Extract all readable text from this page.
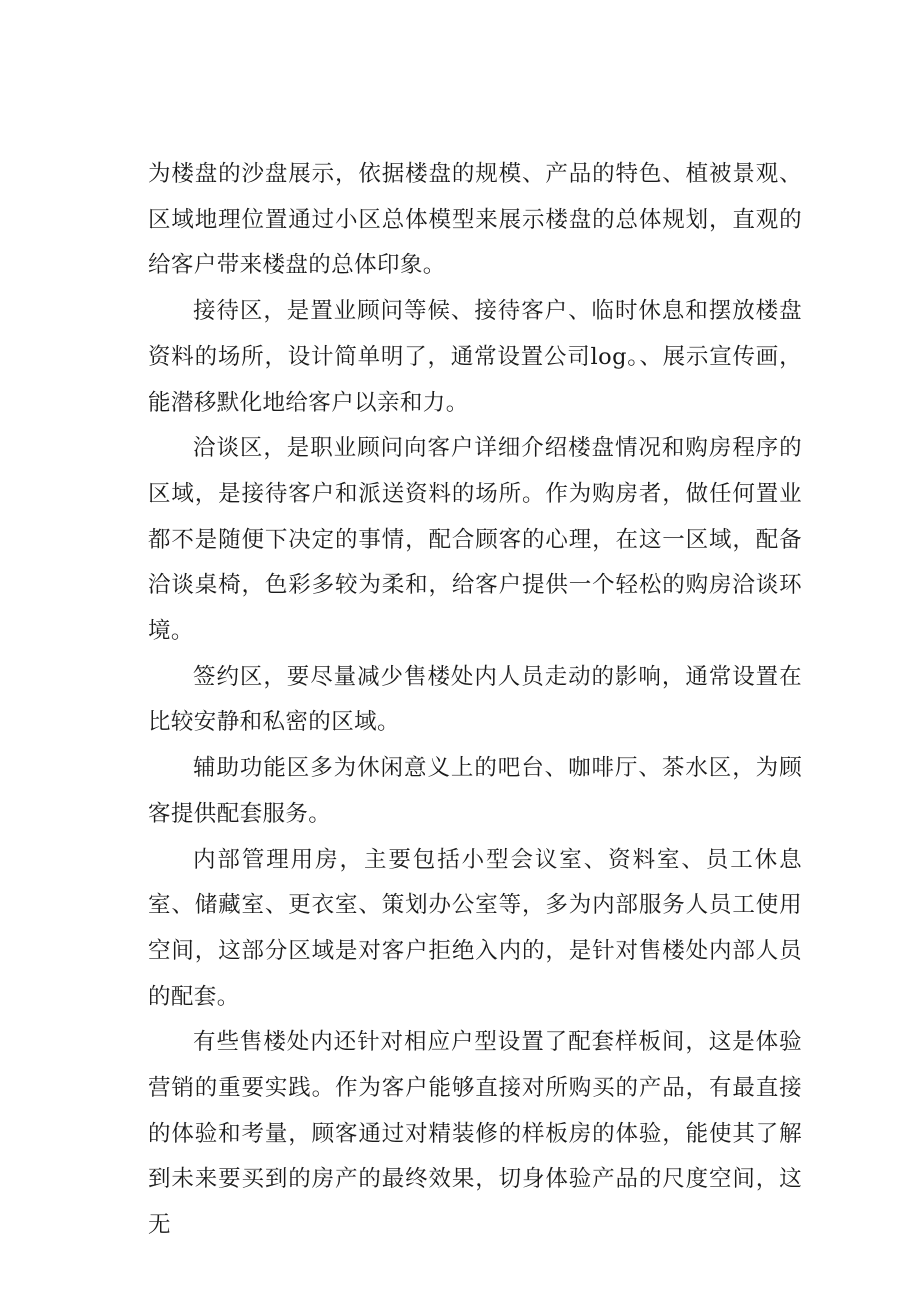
为楼盘的沙盘展示，依据楼盘的规模、产品的特色、植被景观、区域地理位置通过小区总体模型来展示楼盘的总体规划，直观的给客户带来楼盘的总体印象。

接待区，是置业顾问等候、接待客户、临时休息和摆放楼盘资料的场所，设计简单明了，通常设置公司log。、展示宣传画，能潜移默化地给客户以亲和力。

洽谈区，是职业顾问向客户详细介绍楼盘情况和购房程序的区域，是接待客户和派送资料的场所。作为购房者，做任何置业都不是随便下决定的事情，配合顾客的心理，在这一区域，配备洽谈桌椅，色彩多较为柔和，给客户提供一个轻松的购房洽谈环境。

签约区，要尽量减少售楼处内人员走动的影响，通常设置在比较安静和私密的区域。

辅助功能区多为休闲意义上的吧台、咖啡厅、茶水区，为顾客提供配套服务。

内部管理用房，主要包括小型会议室、资料室、员工休息室、储藏室、更衣室、策划办公室等，多为内部服务人员工使用空间，这部分区域是对客户拒绝入内的，是针对售楼处内部人员的配套。

有些售楼处内还针对相应户型设置了配套样板间，这是体验营销的重要实践。作为客户能够直接对所购买的产品，有最直接的体验和考量，顾客通过对精装修的样板房的体验，能使其了解到未来要买到的房产的最终效果，切身体验产品的尺度空间，这无
